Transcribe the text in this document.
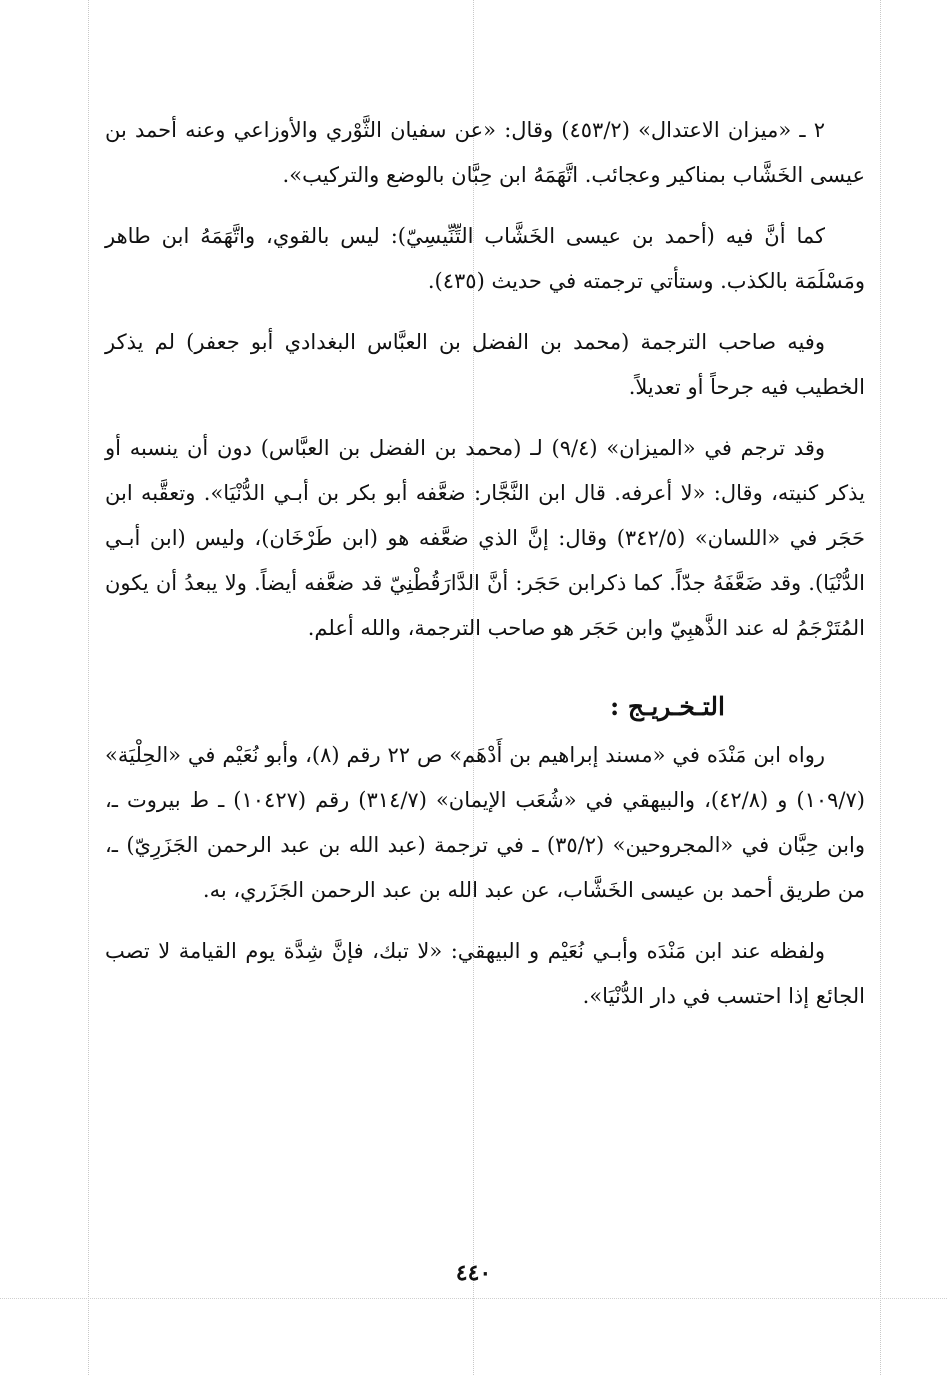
٢ ـ «ميزان الاعتدال» (٤٥٣/٢) وقال: «عن سفيان الثَّوْري والأوزاعي وعنه أحمد بن عيسى الخَشَّاب بمناكير وعجائب. اتَّهَمَهُ ابن حِبَّان بالوضع والتركيب».

كما أنَّ فيه (أحمد بن عيسى الخَشَّاب التِّنِّيسِيّ): ليس بالقوي، واتَّهَمَهُ ابن طاهر ومَسْلَمَة بالكذب. وستأتي ترجمته في حديث (٤٣٥).

وفيه صاحب الترجمة (محمد بن الفضل بن العبَّاس البغدادي أبو جعفر) لم يذكر الخطيب فيه جرحاً أو تعديلاً.

وقد ترجم في «الميزان» (٩/٤) لـ (محمد بن الفضل بن العبَّاس) دون أن ينسبه أو يذكر كنيته، وقال: «لا أعرفه. قال ابن النَّجَّار: ضعَّفه أبو بكر بن أبـي الدُّنْيَا». وتعقَّبه ابن حَجَر في «اللسان» (٣٤٢/٥) وقال: إنَّ الذي ضعَّفه هو (ابن طَرْخَان)، وليس (ابن أبـي الدُّنْيَا). وقد ضَعَّفَهُ جدّاً. كما ذكرابن حَجَر: أنَّ الدَّارَقُطْنِيّ قد ضعَّفه أيضاً. ولا يبعدُ أن يكون المُتَرْجَمُ له عند الذَّهبِيّ وابن حَجَر هو صاحب الترجمة، والله أعلم.

التـخـريـج :

رواه ابن مَنْدَه في «مسند إبراهيم بن أَدْهَم» ص ٢٢ رقم (٨)، وأبو نُعَيْم في «الحِلْيَة» (١٠٩/٧) و (٤٢/٨)، والبيهقي في «شُعَب الإيمان» (٣١٤/٧) رقم (١٠٤٢٧) ـ ط بيروت ـ، وابن حِبَّان في «المجروحين» (٣٥/٢) ـ في ترجمة (عبد الله بن عبد الرحمن الجَزَرِيّ) ـ، من طريق أحمد بن عيسى الخَشَّاب، عن عبد الله بن عبد الرحمن الجَزَري، به.

ولفظه عند ابن مَنْدَه وأبـي نُعَيْم و البيهقي: «لا تبك، فإنَّ شِدَّة يوم القيامة لا تصب الجائع إذا احتسب في دار الدُّنْيَا».

٤٤٠
